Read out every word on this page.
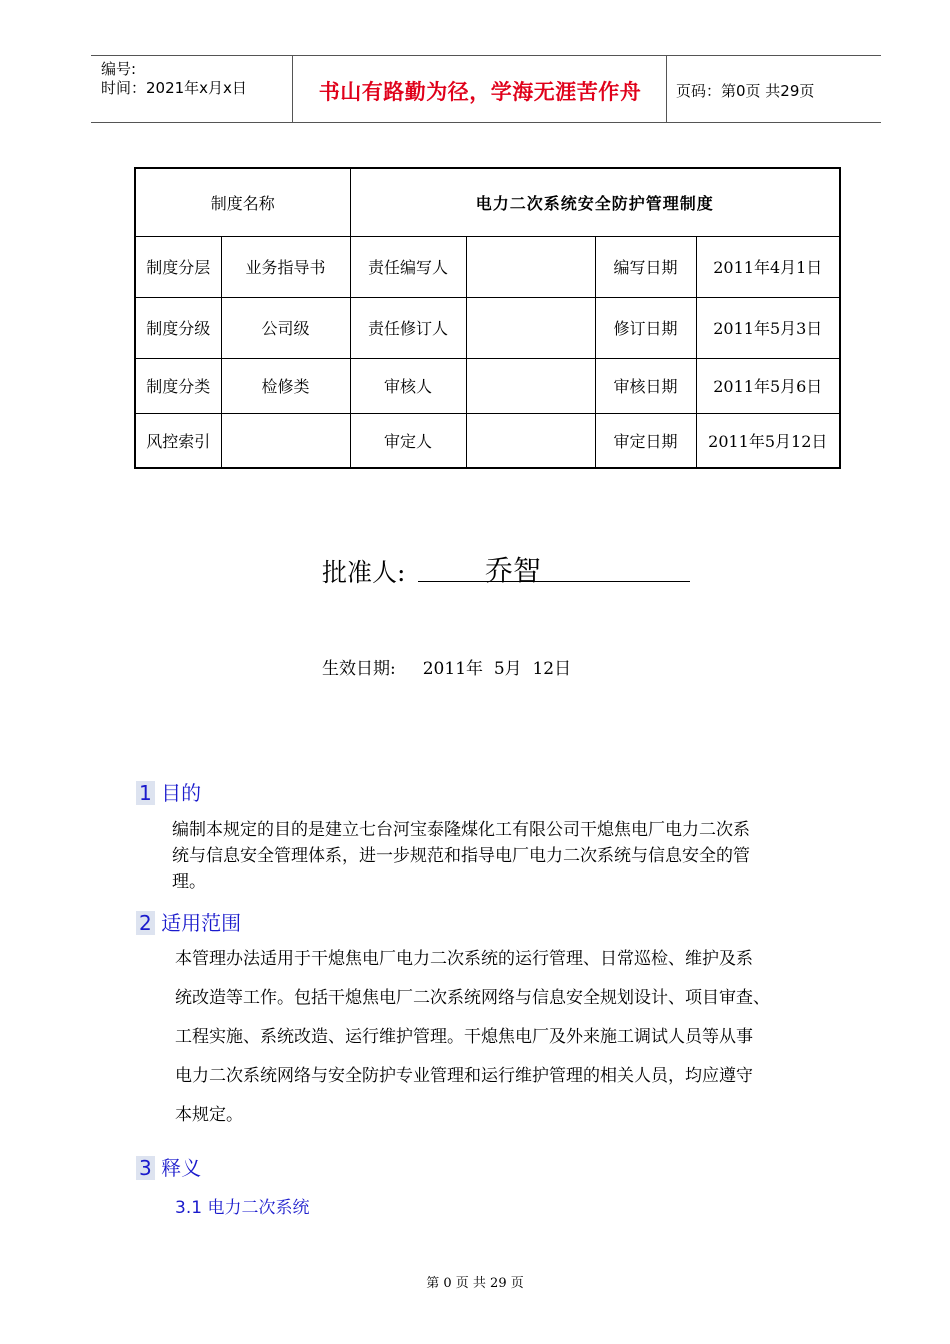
编号:
时间：2021年x月x日	书山有路勤为径，学海无涯苦作舟	页码：第0页 共29页
制度名称		电力二次系统安全防护管理制度			
制度分层	业务指导书	责任编写人		编写日期	2011年4月1日
制度分级	公司级	责任修订人		修订日期	2011年5月3日
制度分类	检修类	审核人		审核日期	2011年5月6日
风控索引		审定人		审定日期	2011年5月12日
批准人:	乔智
生效日期:     2011年  5月  12日
1 目的
编制本规定的目的是建立七台河宝泰隆煤化工有限公司干熄焦电厂电力二次系
统与信息安全管理体系，进一步规范和指导电厂电力二次系统与信息安全的管
理。
2 适用范围
本管理办法适用于干熄焦电厂电力二次系统的运行管理、日常巡检、维护及系
统改造等工作。包括干熄焦电厂二次系统网络与信息安全规划设计、项目审查、
工程实施、系统改造、运行维护管理。干熄焦电厂及外来施工调试人员等从事
电力二次系统网络与安全防护专业管理和运行维护管理的相关人员，均应遵守
本规定。
3 释义
3.1 电力二次系统
第 0 页 共 29 页
